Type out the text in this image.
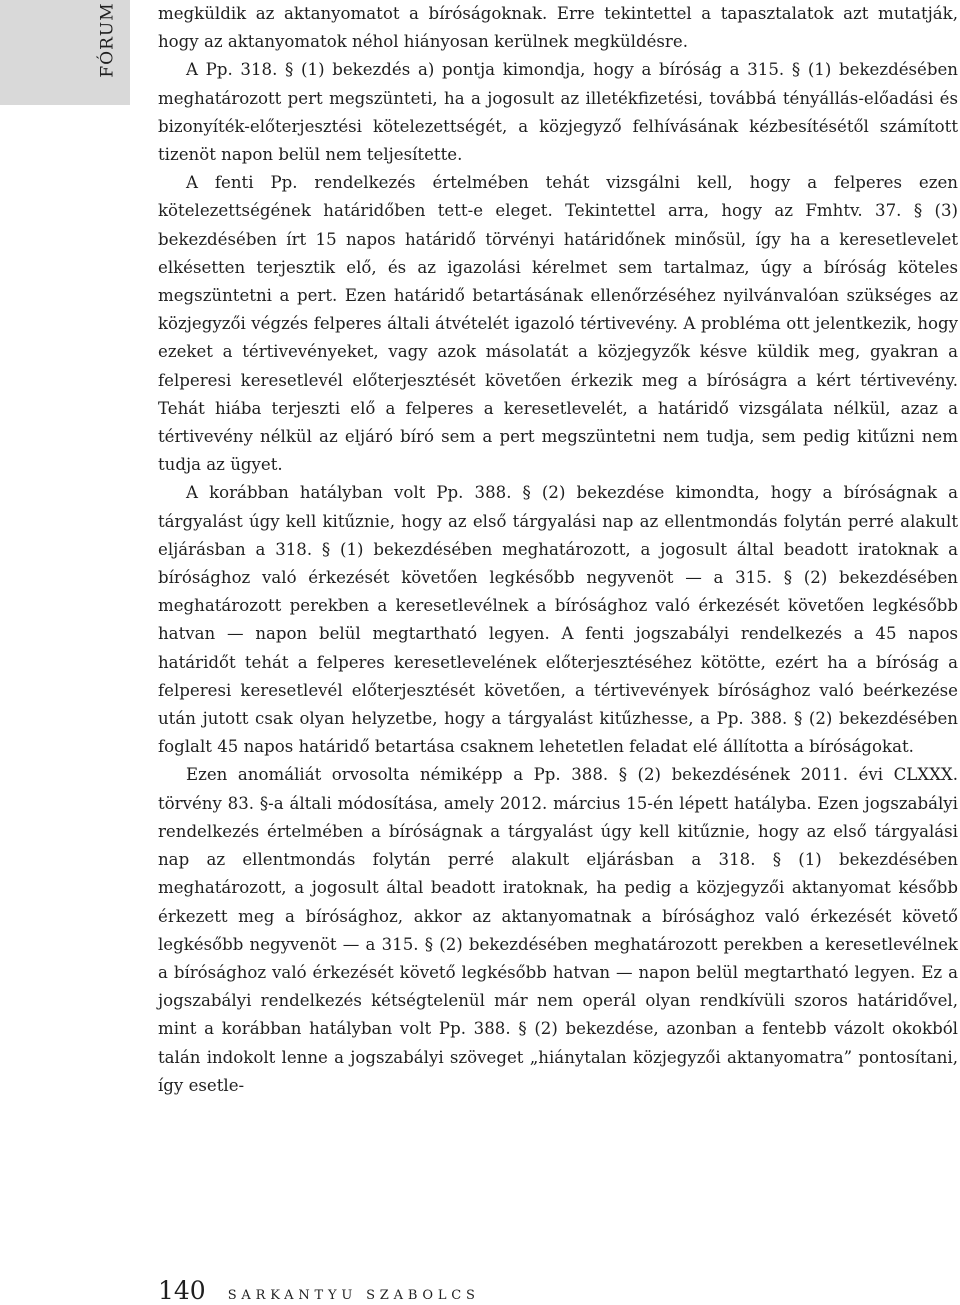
FÓRUM megküldik az aktanyomatot a bíróságoknak. Erre tekintettel a tapasztalatok azt mutatják, hogy az aktanyomatok néhol hiányosan kerülnek megküldésre.

A Pp. 318. § (1) bekezdés a) pontja kimondja, hogy a bíróság a 315. § (1) bekezdésében meghatározott pert megszünteti, ha a jogosult az illetékfizetési, továbbá tényállás-előadási és bizonyíték-előterjesztési kötelezettségét, a közjegyző felhívásának kézbesítésétől számított tizenöt napon belül nem teljesítette.

A fenti Pp. rendelkezés értelmében tehát vizsgálni kell, hogy a felperes ezen kötelezettségének határidőben tett-e eleget. Tekintettel arra, hogy az Fmhtv. 37. § (3) bekezdésében írt 15 napos határidő törvényi határidőnek minősül, így ha a keresetlevelet elkésetten terjesztik elő, és az igazolási kérelmet sem tartalmaz, úgy a bíróság köteles megszüntetni a pert. Ezen határidő betartásának ellenőrzéséhez nyilvánvalóan szükséges az közjegyzői végzés felperes általi átvételét igazoló tértivevény. A probléma ott jelentkezik, hogy ezeket a tértivevényeket, vagy azok másolatát a közjegyzők késve küldik meg, gyakran a felperesi keresetlevél előterjesztését követően érkezik meg a bíróságra a kért tértivevény. Tehát hiába terjeszti elő a felperes a keresetlevelét, a határidő vizsgálata nélkül, azaz a tértivevény nélkül az eljáró bíró sem a pert megszüntetni nem tudja, sem pedig kitűzni nem tudja az ügyet.

A korábban hatályban volt Pp. 388. § (2) bekezdése kimondta, hogy a bíróságnak a tárgyalást úgy kell kitűznie, hogy az első tárgyalási nap az ellentmondás folytán perré alakult eljárásban a 318. § (1) bekezdésében meghatározott, a jogosult által beadott iratoknak a bírósághoz való érkezését követően legkésőbb negyvenöt — a 315. § (2) bekezdésében meghatározott perekben a keresetlevélnek a bírósághoz való érkezését követően legkésőbb hatvan — napon belül megtartható legyen. A fenti jogszabályi rendelkezés a 45 napos határidőt tehát a felperes keresetlevelének előterjesztéséhez kötötte, ezért ha a bíróság a felperesi keresetlevél előterjesztését követően, a tértivevények bírósághoz való beérkezése után jutott csak olyan helyzetbe, hogy a tárgyalást kitűzhesse, a Pp. 388. § (2) bekezdésében foglalt 45 napos határidő betartása csaknem lehetetlen feladat elé állította a bíróságokat.

Ezen anomáliát orvosolta némiképp a Pp. 388. § (2) bekezdésének 2011. évi CLXXX. törvény 83. §-a általi módosítása, amely 2012. március 15-én lépett hatályba. Ezen jogszabályi rendelkezés értelmében a bíróságnak a tárgyalást úgy kell kitűznie, hogy az első tárgyalási nap az ellentmondás folytán perré alakult eljárásban a 318. § (1) bekezdésében meghatározott, a jogosult által beadott iratoknak, ha pedig a közjegyzői aktanyomat később érkezett meg a bírósághoz, akkor az aktanyomatnak a bírósághoz való érkezését követő legkésőbb negyvenöt — a 315. § (2) bekezdésében meghatározott perekben a keresetlevélnek a bírósághoz való érkezését követő legkésőbb hatvan — napon belül megtartható legyen. Ez a jogszabályi rendelkezés kétségtelenül már nem operál olyan rendkívüli szoros határidővel, mint a korábban hatályban volt Pp. 388. § (2) bekezdése, azonban a fentebb vázolt okokból talán indokolt lenne a jogszabályi szöveget „hiánytalan közjegyzői aktanyomatra” pontosítani, így esetle-

140 SARKANTYU SZABOLCS
